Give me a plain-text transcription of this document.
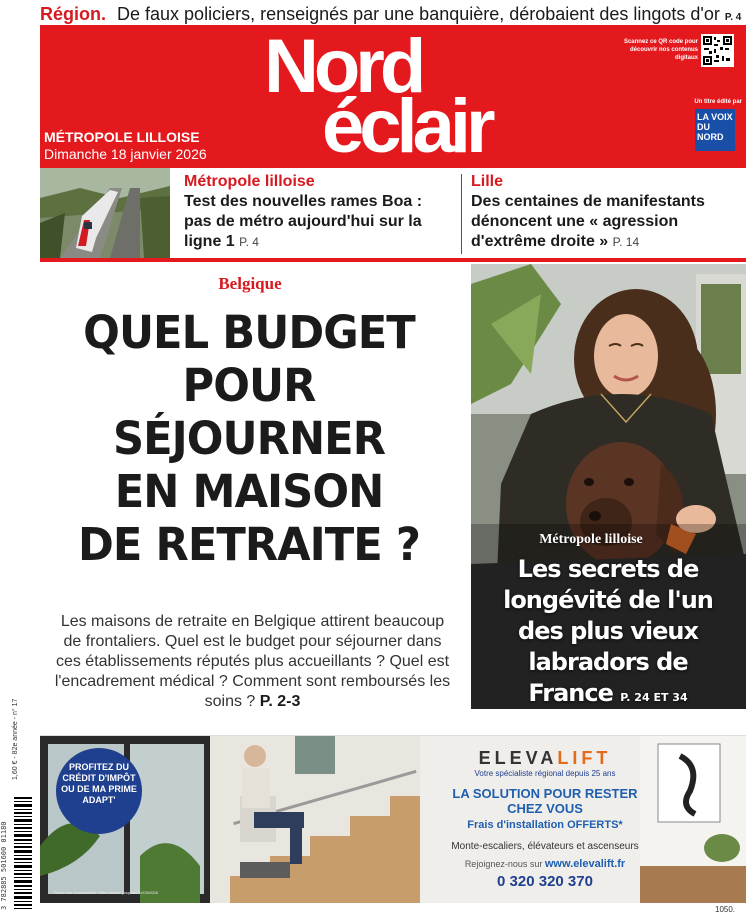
Région. De faux policiers, renseignés par une banquière, dérobaient des lingots d'or P. 4
Nord
éclair
MÉTROPOLE LILLOISE
Dimanche 18 janvier 2026
Scannez ce QR code pour découvrir nos contenus digitaux
Un titre édité par
LA VOIX DU NORD
Métropole lilloise
Test des nouvelles rames Boa : pas de métro aujourd'hui sur la ligne 1 P. 4
Lille
Des centaines de manifestants dénoncent une « agression d'extrême droite » P. 14
Belgique
QUEL BUDGET
POUR
SÉJOURNER
EN MAISON
DE RETRAITE ?
Les maisons de retraite en Belgique attirent beaucoup de frontaliers. Quel est le budget pour séjourner dans ces établissements réputés plus accueillants ? Quel est l'encadrement médical ? Comment sont remboursés les soins ? P. 2-3
Métropole lilloise
Les secrets de longévité de l'un des plus vieux labradors de France P. 24 ET 34
1,60 € - 82e année - n° 17
3 782885 501600 01180
PROFITEZ DU CRÉDIT D'IMPÔT OU DE MA PRIME ADAPT'
Photo non contractuelle. Offre valable jusqu'au 31/03/2026
ELEVALIFT
Votre spécialiste régional depuis 25 ans
LA SOLUTION POUR RESTER CHEZ VOUS
Frais d'installation OFFERTS*
Monte-escaliers, élévateurs et ascenseurs
Rejoignez-nous sur www.elevalift.fr
0 320 320 370
1050.
